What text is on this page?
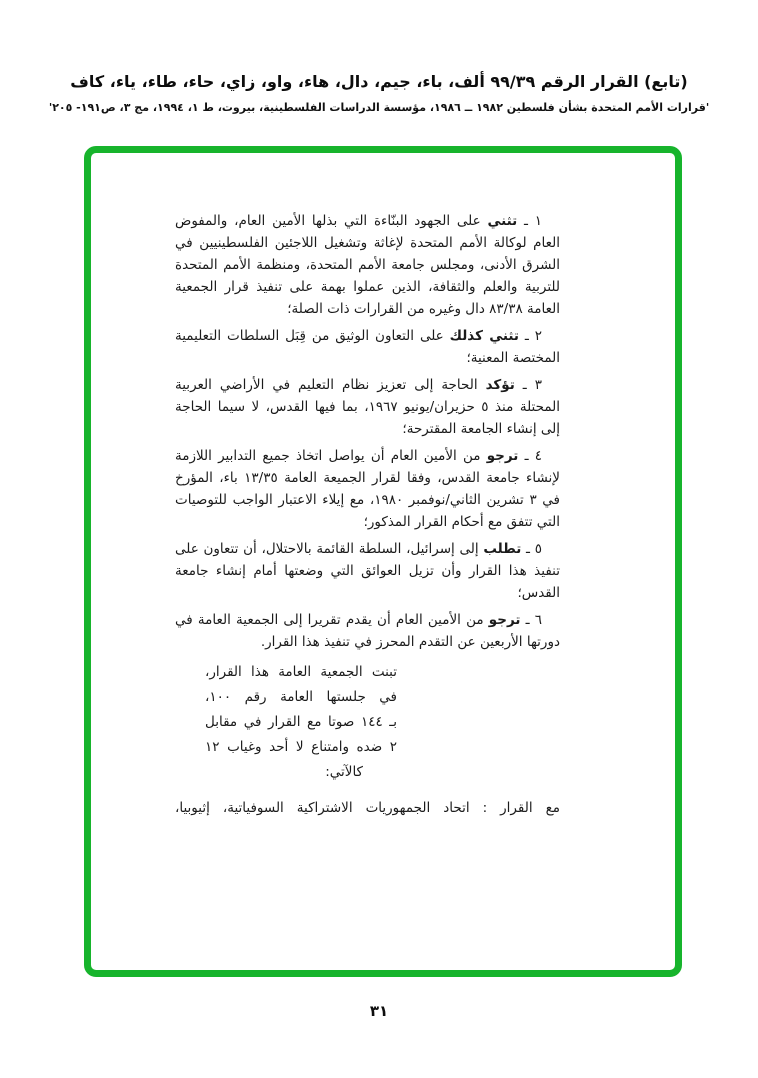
(تابع) القرار الرقم ٩٩/٣٩ ألف، باء، جيم، دال، هاء، واو، زاي، حاء، طاء، ياء، كاف
'قرارات الأمم المتحدة بشأن فلسطين ١٩٨٢ ــ ١٩٨٦، مؤسسة الدراسات الفلسطينية، بيروت، ط ١، ١٩٩٤، مج ٣، ص١٩١- ٢٠٥'

١ ـ تثني على الجهود البنّاءة التي بذلها الأمين العام، والمفوض العام لوكالة الأمم المتحدة لإغاثة وتشغيل اللاجئين الفلسطينيين في الشرق الأدنى، ومجلس جامعة الأمم المتحدة، ومنظمة الأمم المتحدة للتربية والعلم والثقافة، الذين عملوا بهمة على تنفيذ قرار الجمعية العامة ٨٣/٣٨ دال وغيره من القرارات ذات الصلة؛

٢ ـ تثني كذلك على التعاون الوثيق من قِبَل السلطات التعليمية المختصة المعنية؛

٣ ـ تؤكد الحاجة إلى تعزيز نظام التعليم في الأراضي العربية المحتلة منذ ٥ حزيران/يونيو ١٩٦٧، بما فيها القدس، لا سيما الحاجة إلى إنشاء الجامعة المقترحة؛

٤ ـ ترجو من الأمين العام أن يواصل اتخاذ جميع التدابير اللازمة لإنشاء جامعة القدس، وفقا لقرار الجميعة العامة ١٣/٣٥ باء، المؤرخ في ٣ تشرين الثاني/نوفمبر ١٩٨٠، مع إيلاء الاعتبار الواجب للتوصيات التي تتفق مع أحكام القرار المذكور؛

٥ ـ تطلب إلى إسرائيل، السلطة القائمة بالاحتلال، أن تتعاون على تنفيذ هذا القرار وأن تزيل العوائق التي وضعتها أمام إنشاء جامعة القدس؛

٦ ـ ترجو من الأمين العام أن يقدم تقريرا إلى الجمعية العامة في دورتها الأربعين عن التقدم المحرز في تنفيذ هذا القرار.

تبنت الجمعية العامة هذا القرار،
في جلستها العامة رقم ١٠٠،
بـ ١٤٤ صوتا مع القرار في مقابل
٢ ضده وامتناع لا أحد وغياب ١٢
كالآتي:
مع القرار : اتحاد الجمهوريات الاشتراكية السوفياتية، إثيوبيا،
٣١
